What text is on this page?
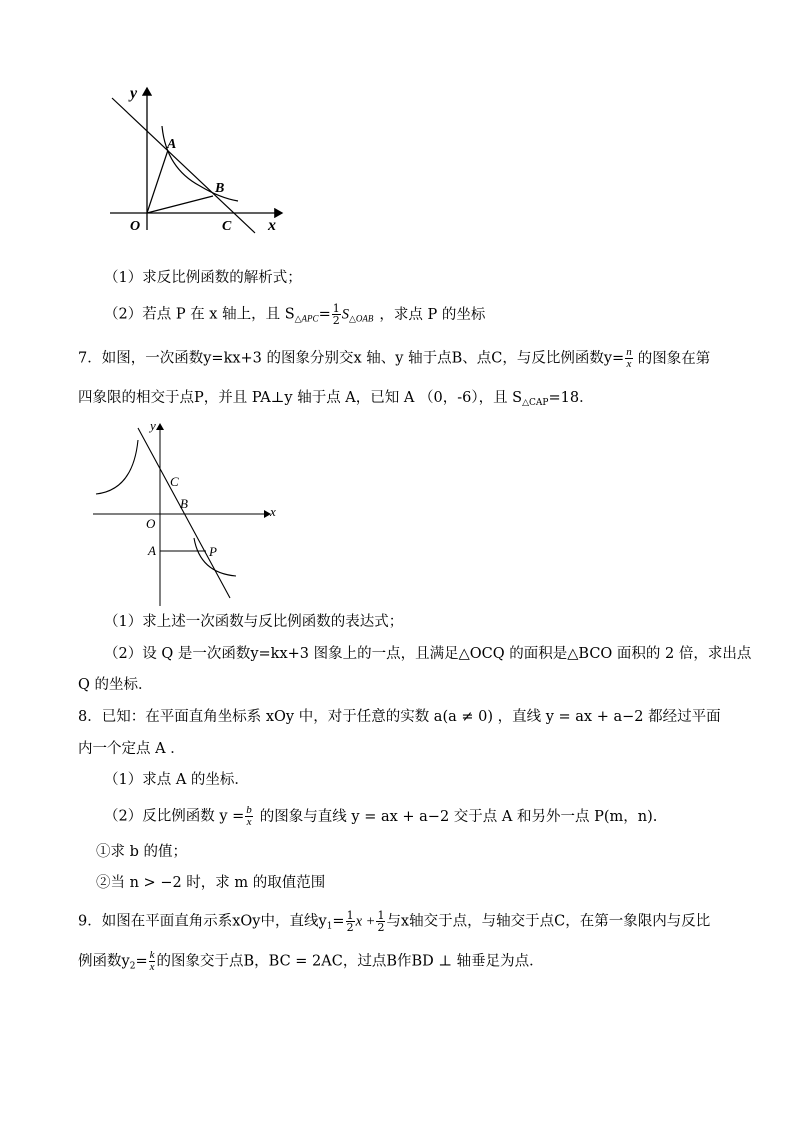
y
x
O
A
B
C
（1）求反比例函数的解析式；
（2）若点 P 在 x 轴上，且 $S_{\triangle APC}= \frac{1}{2} S_{\triangle OAB}$ ，求点 P 的坐标
7．如图，一次函数y=kx+3 的图象分别交x 轴、y 轴于点B、点C，与反比例函数$y= \frac{n}{x}$ 的图象在第
四象限的相交于点P，并且 PA⊥y 轴于点 A，已知 A （0，-6），且 $S_{\triangle CAP}=18$．
y
x
C
B
O
A	P
（1）求上述一次函数与反比例函数的表达式；
（2）设 Q 是一次函数y=kx+3 图象上的一点，且满足△OCQ 的面积是△BCO 面积的 2 倍，求出点
Q 的坐标．
8．已知：在平面直角坐标系 xOy 中，对于任意的实数 a(a ≠ 0) ，直线 y = ax + a−2 都经过平面
内一个定点 A ．
（1）求点 A 的坐标．
（2）反比例函数 $y = \frac{b}{x}$ 的图象与直线 y = ax + a−2 交于点 A 和另外一点 P(m，n).
①求 b 的值；
②当 n > −2 时，求 m 的取值范围
9．如图在平面直角示系xOy中，直线$y_1= \frac{1}{2}$ $x + \frac{1}{2}$ 与x轴交于点，与轴交于点C，在第一象限内与反比
例函数$y_2= \frac{k}{x}$ 的图象交于点B，BC = 2AC，过点B作BD ⊥ 轴垂足为点．
